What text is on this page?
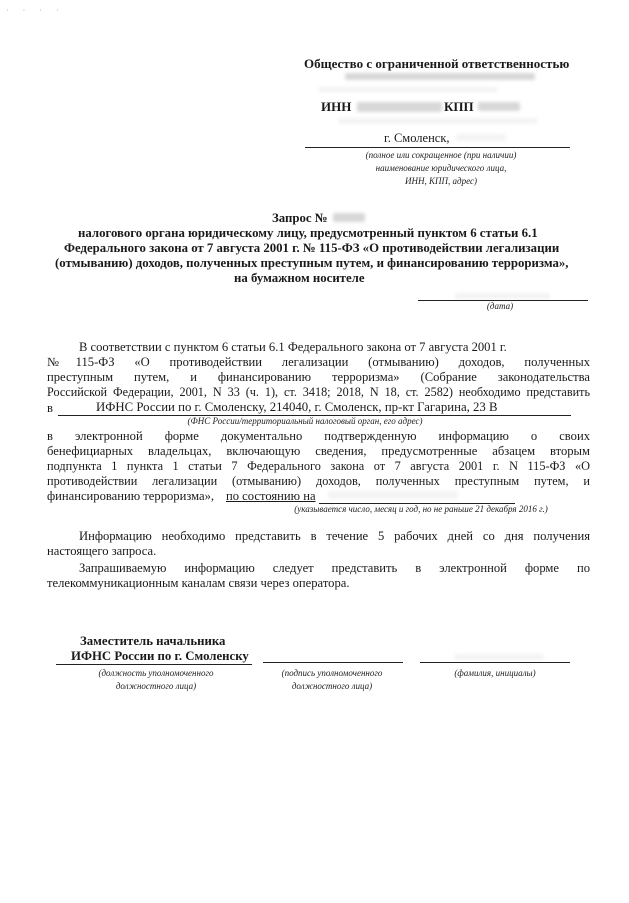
· · · ·
Общество с ограниченной ответственностью
ИНН	КПП
г. Смоленск,
(полное или сокращенное (при наличии)
наименование юридического лица,
ИНН, КПП, адрес)
Запрос №
налогового органа юридическому лицу, предусмотренный пунктом 6 статьи 6.1
Федерального закона от 7 августа 2001 г. № 115-ФЗ «О противодействии легализации
(отмыванию) доходов, полученных преступным путем, и финансированию терроризма»,
на бумажном носителе
(дата)
В соответствии с пунктом 6 статьи 6.1 Федерального закона от 7 августа 2001 г.
№115-ФЗ «О противодействии легализации (отмыванию) доходов, полученных
преступным путем, и финансированию терроризма» (Собрание законодательства
Российской Федерации, 2001, N 33 (ч. 1), ст. 3418; 2018, N 18, ст. 2582) необходимо представить
в	ИФНС России по г. Смоленску, 214040, г. Смоленск, пр-кт Гагарина, 23 В
(ФНС России/территориальный налоговый орган, его адрес)
в электронной форме документально подтвержденную информацию о своих
бенефициарных владельцах, включающую сведения, предусмотренные абзацем вторым
подпункта 1 пункта 1 статьи 7 Федерального закона от 7 августа 2001 г. N 115-ФЗ «О
противодействии легализации (отмыванию) доходов, полученных преступным путем, и
финансированию терроризма», по состоянию на
(указывается число, месяц и год, но не раньше 21 декабря 2016 г.)
Информацию необходимо представить в течение 5 рабочих дней со дня получения
настоящего запроса.
Запрашиваемую информацию следует представить в электронной форме по
телекоммуникационным каналам связи через оператора.
Заместитель начальника
ИФНС России по г. Смоленску
(должность уполномоченного
должностного лица)
(подпись уполномоченного
должностного лица)
(фамилия, инициалы)
